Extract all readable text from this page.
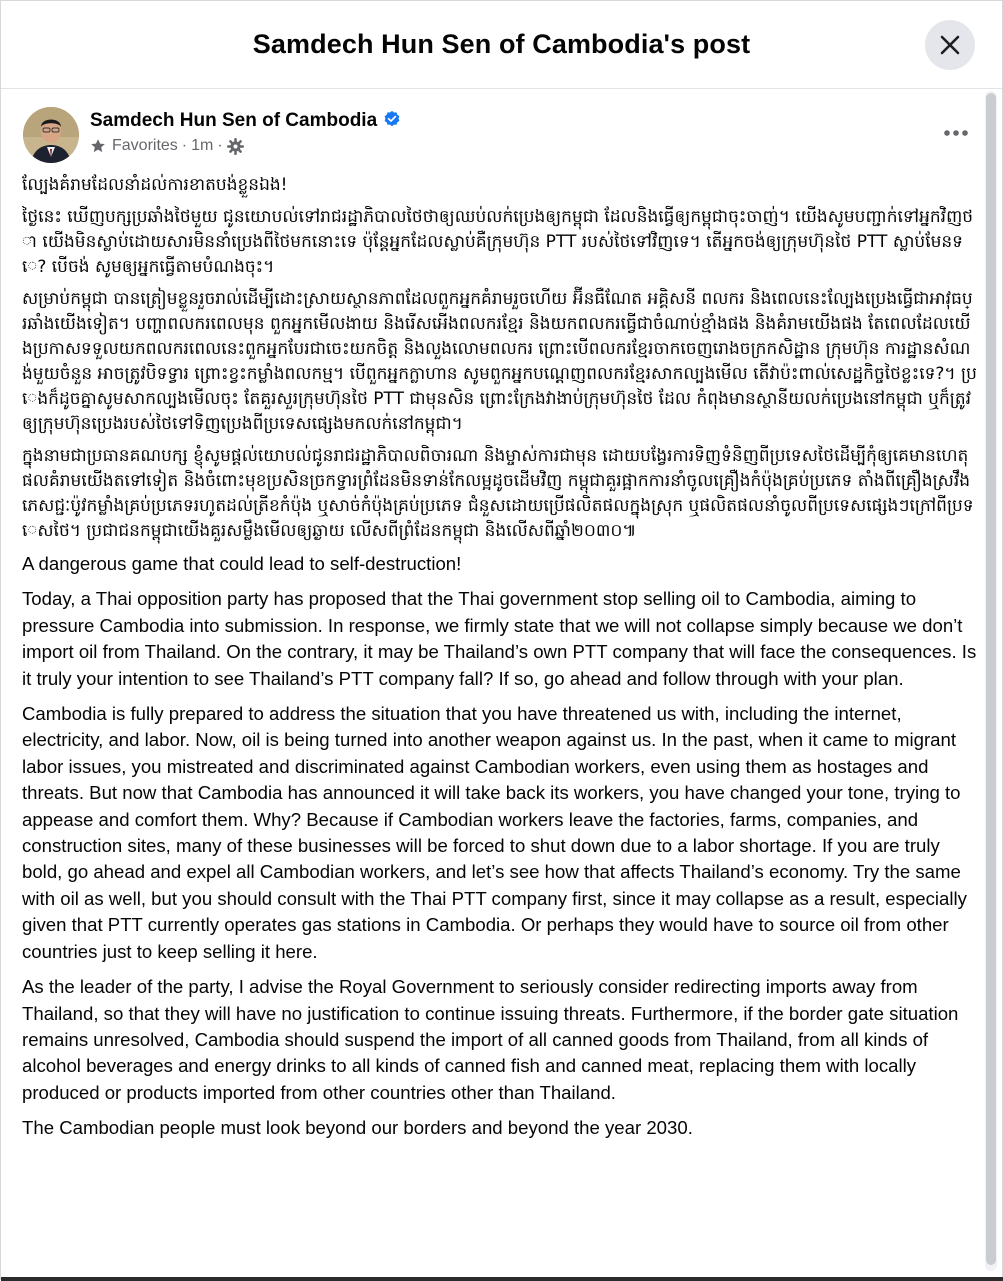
Samdech Hun Sen of Cambodia's post
Samdech Hun Sen of Cambodia
Favorites · 1m ·

ល្បែងគំរាមដែលនាំដល់ការខាតបង់ខ្លួនឯង!

ថ្ងៃនេះ ឃើញបក្សប្រឆាំងថៃមួយ ជូនយោបល់ទៅរាជរដ្ឋាភិបាលថៃថាឲ្យឈប់លក់ប្រេងឲ្យកម្ពុជា ដែលនិងធ្វើឲ្យកម្ពុជាចុះចាញ់។ យើងសូមបញ្ជាក់ទៅអ្នកវិញថា យើងមិនស្លាប់ដោយសារមិននាំប្រេងពីថៃមកនោះទេ ប៉ុន្តែអ្នកដែលស្លាប់គឺក្រុមហ៊ុន PTT របស់ថៃទៅវិញទេ។ តើអ្នកចង់ឲ្យក្រុមហ៊ុនថៃ PTT ស្លាប់មែនទេ? បើចង់ សូមឲ្យអ្នកធ្វើតាមបំណងចុះ។

សម្រាប់កម្ពុជា បានត្រៀមខ្លួនរួចរាល់ដើម្បីដោះស្រាយស្ថានភាពដែលពួកអ្នកគំរាមរួចហើយ អ៊ីនធឺណែត អគ្គិសនី ពលករ និងពេលនេះល្បែងប្រេងធ្វើជាអាវុធប្រឆាំងយើងទៀត។ បញ្ហាពលករពេលមុន ពួកអ្នកមើលងាយ និងរើសអើងពលករខ្មែរ និងយកពលករធ្វើជាចំណាប់ខ្មាំងផង និងគំរាមយើងផង តែពេលដែលយើងប្រកាសទទួលយកពលករពេលនេះពួកអ្នកបែរជាចេះយកចិត្ត និងលួងលោមពលករ ព្រោះបើពលករខ្មែរចាកចេញរោងចក្រកសិដ្ឋាន ក្រុមហ៊ុន ការដ្ឋានសំណង់មួយចំនួន អាចត្រូវបិទទ្វារ ព្រោះខ្វះកម្លាំងពលកម្ម។ បើពួកអ្នកក្លាហាន សូមពួកអ្នកបណ្តេញពលករខ្មែរសាកល្បងមើល តើវាប៉ះពាល់សេដ្ឋកិច្ចថៃខ្លះទេ?។ ប្រេងក៏ដូចគ្នាសូមសាកល្បងមើលចុះ តែគួរសួរក្រុមហ៊ុនថៃ PTT ជាមុនសិន ព្រោះក្រែងវាងាប់ក្រុមហ៊ុនថៃ ដែល កំពុងមានស្ថានីយលក់ប្រេងនៅកម្ពុជា ឬក៏ត្រូវឲ្យក្រុមហ៊ុនប្រេងរបស់ថៃទៅទិញប្រេងពីប្រទេសផ្សេងមកលក់នៅកម្ពុជា។

ក្នុងនាមជាប្រធានគណបក្ស ខ្ញុំសូមផ្តល់យោបល់ជូនរាជរដ្ឋាភិបាលពិចារណា និងម្ចាស់ការជាមុន ដោយបង្វែរការទិញទំនិញពីប្រទេសថៃដើម្បីកុំឲ្យគេមានហេតុផលគំរាមយើងតទៅទៀត និងចំពោះមុខប្រសិនច្រកទ្វារព្រំដែនមិនទាន់កែលម្អដូចដើមវិញ កម្ពុជាគួរផ្អាកការនាំចូលគ្រឿងកំប៉ុងគ្រប់ប្រភេទ តាំងពីគ្រឿងស្រវឹង ភេសជ្ជៈប៉ូវកម្លាំងគ្រប់ប្រភេទរហូតដល់ត្រីខកំប៉ុង ឬសាច់កំប៉ុងគ្រប់ប្រភេទ ជំនួសដោយប្រើផលិតផលក្នុងស្រុក ឬផលិតផលនាំចូលពីប្រទេសផ្សេងៗក្រៅពីប្រទេសថៃ។ ប្រជាជនកម្ពុជាយើងគួរសម្លឹងមើលឲ្យឆ្ងាយ លើសពីព្រំដែនកម្ពុជា និងលើសពីឆ្នាំ២០៣០៕

A dangerous game that could lead to self-destruction!

Today, a Thai opposition party has proposed that the Thai government stop selling oil to Cambodia, aiming to pressure Cambodia into submission. In response, we firmly state that we will not collapse simply because we don’t import oil from Thailand. On the contrary, it may be Thailand’s own PTT company that will face the consequences. Is it truly your intention to see Thailand’s PTT company fall? If so, go ahead and follow through with your plan.

Cambodia is fully prepared to address the situation that you have threatened us with, including the internet, electricity, and labor. Now, oil is being turned into another weapon against us. In the past, when it came to migrant labor issues, you mistreated and discriminated against Cambodian workers, even using them as hostages and threats. But now that Cambodia has announced it will take back its workers, you have changed your tone, trying to appease and comfort them. Why? Because if Cambodian workers leave the factories, farms, companies, and construction sites, many of these businesses will be forced to shut down due to a labor shortage. If you are truly bold, go ahead and expel all Cambodian workers, and let’s see how that affects Thailand’s economy. Try the same with oil as well, but you should consult with the Thai PTT company first, since it may collapse as a result, especially given that PTT currently operates gas stations in Cambodia. Or perhaps they would have to source oil from other countries just to keep selling it here.

As the leader of the party, I advise the Royal Government to seriously consider redirecting imports away from Thailand, so that they will have no justification to continue issuing threats. Furthermore, if the border gate situation remains unresolved, Cambodia should suspend the import of all canned goods from Thailand, from all kinds of alcohol beverages and energy drinks to all kinds of canned fish and canned meat, replacing them with locally produced or products imported from other countries other than Thailand.

The Cambodian people must look beyond our borders and beyond the year 2030.
